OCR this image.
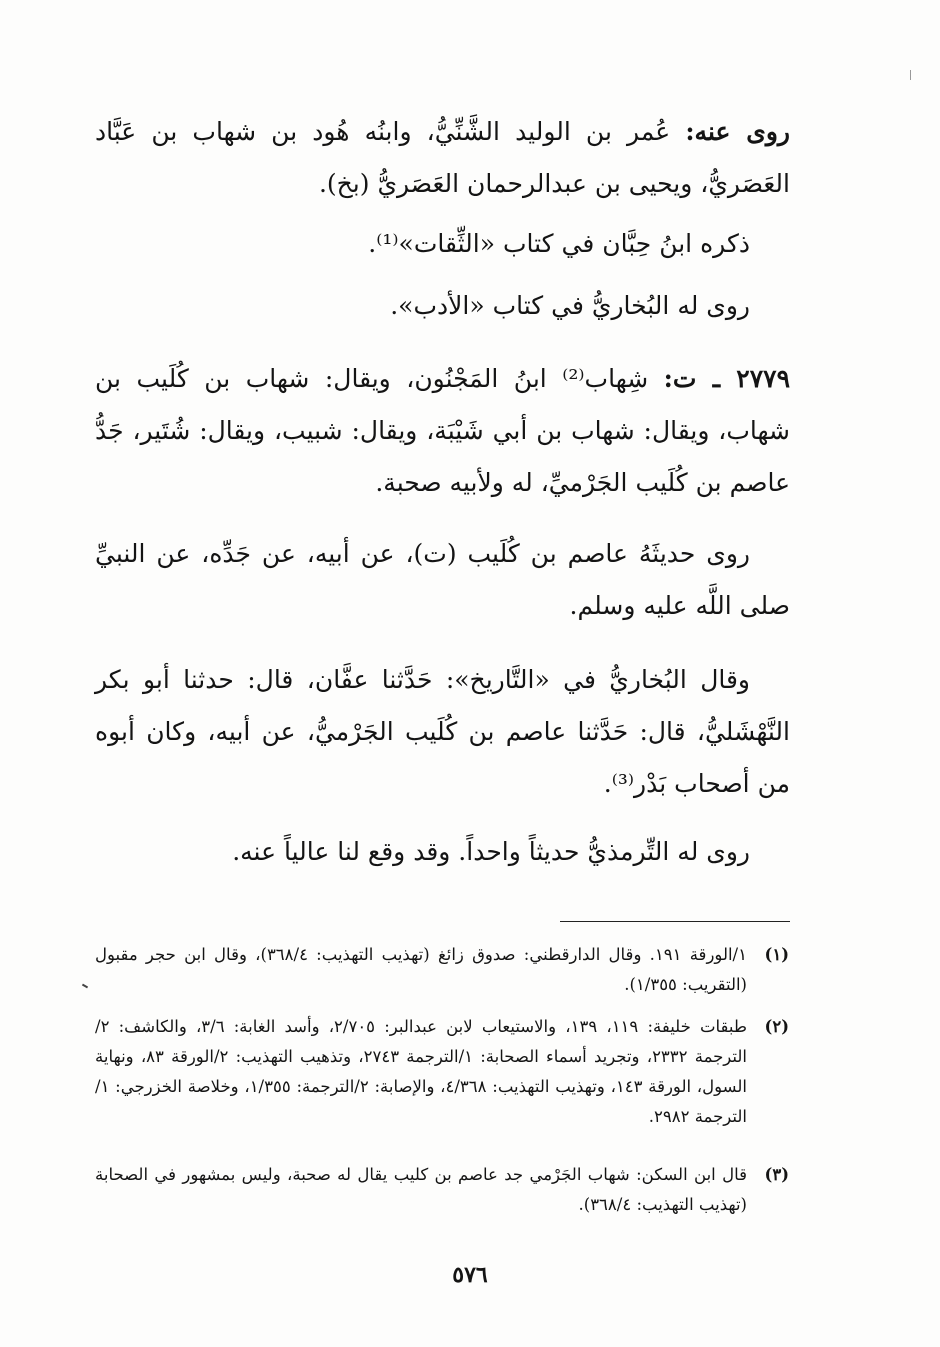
روى عنه: عُمر بن الوليد الشَّنِّيُّ، وابنُه هُود بن شهاب بن عَبَّاد العَصَريُّ، ويحيى بن عبدالرحمان العَصَريُّ (بخ).

ذكره ابنُ حِبَّان في كتاب «الثِّقات»⁽¹⁾.

روى له البُخاريُّ في كتاب «الأدب».

٢٧٧٩ ـ ت: شِهاب⁽²⁾ ابنُ المَجْنُون، ويقال: شهاب بن كُلَيب بن شهاب، ويقال: شهاب بن أبي شَيْبَة، ويقال: شبيب، ويقال: شُتَير، جَدُّ عاصم بن كُلَيب الجَرْميِّ، له ولأبيه صحبة.

روى حديثَهُ عاصم بن كُلَيب (ت)، عن أبيه، عن جَدِّه، عن النبيِّ صلى اللَّه عليه وسلم.

وقال البُخاريُّ في «التَّاريخ»: حَدَّثنا عفَّان، قال: حدثنا أبو بكر النَّهْشَليُّ، قال: حَدَّثنا عاصم بن كُلَيب الجَرْميُّ، عن أبيه، وكان أبوه من أصحاب بَدْر⁽³⁾.

روى له التِّرمذيُّ حديثاً واحداً. وقد وقع لنا عالياً عنه.

(١)
١/الورقة ١٩١. وقال الدارقطني: صدوق زائغ (تهذيب التهذيب: ٣٦٨/٤)، وقال ابن حجر مقبول (التقريب: ١/٣٥٥).
(٢)
طبقات خليفة: ١١٩، ١٣٩، والاستيعاب لابن عبدالبر: ٢/٧٠٥، وأسد الغابة: ٣/٦، والكاشف: ٢/الترجمة ٢٣٣٢، وتجريد أسماء الصحابة: ١/الترجمة ٢٧٤٣، وتذهيب التهذيب: ٢/الورقة ٨٣، ونهاية السول، الورقة ١٤٣، وتهذيب التهذيب: ٤/٣٦٨، والإصابة: ٢/الترجمة: ١/٣٥٥، وخلاصة الخزرجي: ١/الترجمة ٢٩٨٢.
(٣)
قال ابن السكن: شهاب الجَرْمي جد عاصم بن كليب يقال له صحبة، وليس بمشهور في الصحابة (تهذيب التهذيب: ٣٦٨/٤).
٥٧٦
